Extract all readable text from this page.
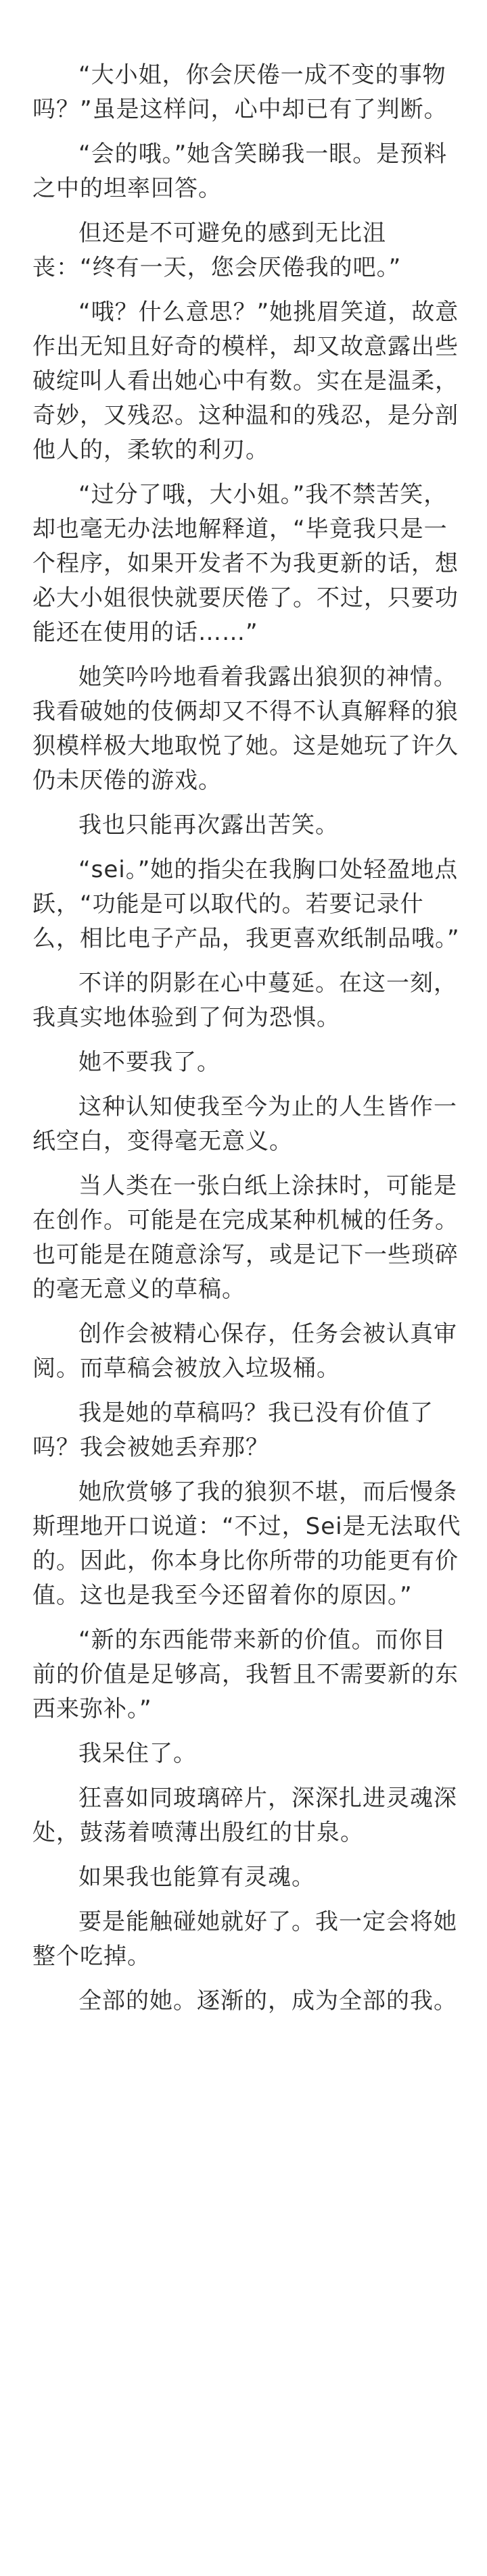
“大小姐，你会厌倦一成不变的事物吗？”虽是这样问，心中却已有了判断。

“会的哦。”她含笑睇我一眼。是预料之中的坦率回答。

但还是不可避免的感到无比沮丧：“终有一天，您会厌倦我的吧。”

“哦？什么意思？”她挑眉笑道，故意作出无知且好奇的模样，却又故意露出些破绽叫人看出她心中有数。实在是温柔，奇妙，又残忍。这种温和的残忍，是分剖他人的，柔软的利刃。

“过分了哦，大小姐。”我不禁苦笑，却也毫无办法地解释道，“毕竟我只是一个程序，如果开发者不为我更新的话，想必大小姐很快就要厌倦了。不过，只要功能还在使用的话……”

她笑吟吟地看着我露出狼狈的神情。我看破她的伎俩却又不得不认真解释的狼狈模样极大地取悦了她。这是她玩了许久仍未厌倦的游戏。

我也只能再次露出苦笑。

“sei。”她的指尖在我胸口处轻盈地点跃，“功能是可以取代的。若要记录什么，相比电子产品，我更喜欢纸制品哦。”

不详的阴影在心中蔓延。在这一刻，我真实地体验到了何为恐惧。

她不要我了。

这种认知使我至今为止的人生皆作一纸空白，变得毫无意义。

当人类在一张白纸上涂抹时，可能是在创作。可能是在完成某种机械的任务。也可能是在随意涂写，或是记下一些琐碎的毫无意义的草稿。

创作会被精心保存，任务会被认真审阅。而草稿会被放入垃圾桶。

我是她的草稿吗？我已没有价值了吗？我会被她丢弃那？

她欣赏够了我的狼狈不堪，而后慢条斯理地开口说道：“不过，Sei是无法取代的。因此，你本身比你所带的功能更有价值。这也是我至今还留着你的原因。”

“新的东西能带来新的价值。而你目前的价值是足够高，我暂且不需要新的东西来弥补。”

我呆住了。

狂喜如同玻璃碎片，深深扎进灵魂深处，鼓荡着喷薄出殷红的甘泉。

如果我也能算有灵魂。

要是能触碰她就好了。我一定会将她整个吃掉。

全部的她。逐渐的，成为全部的我。
